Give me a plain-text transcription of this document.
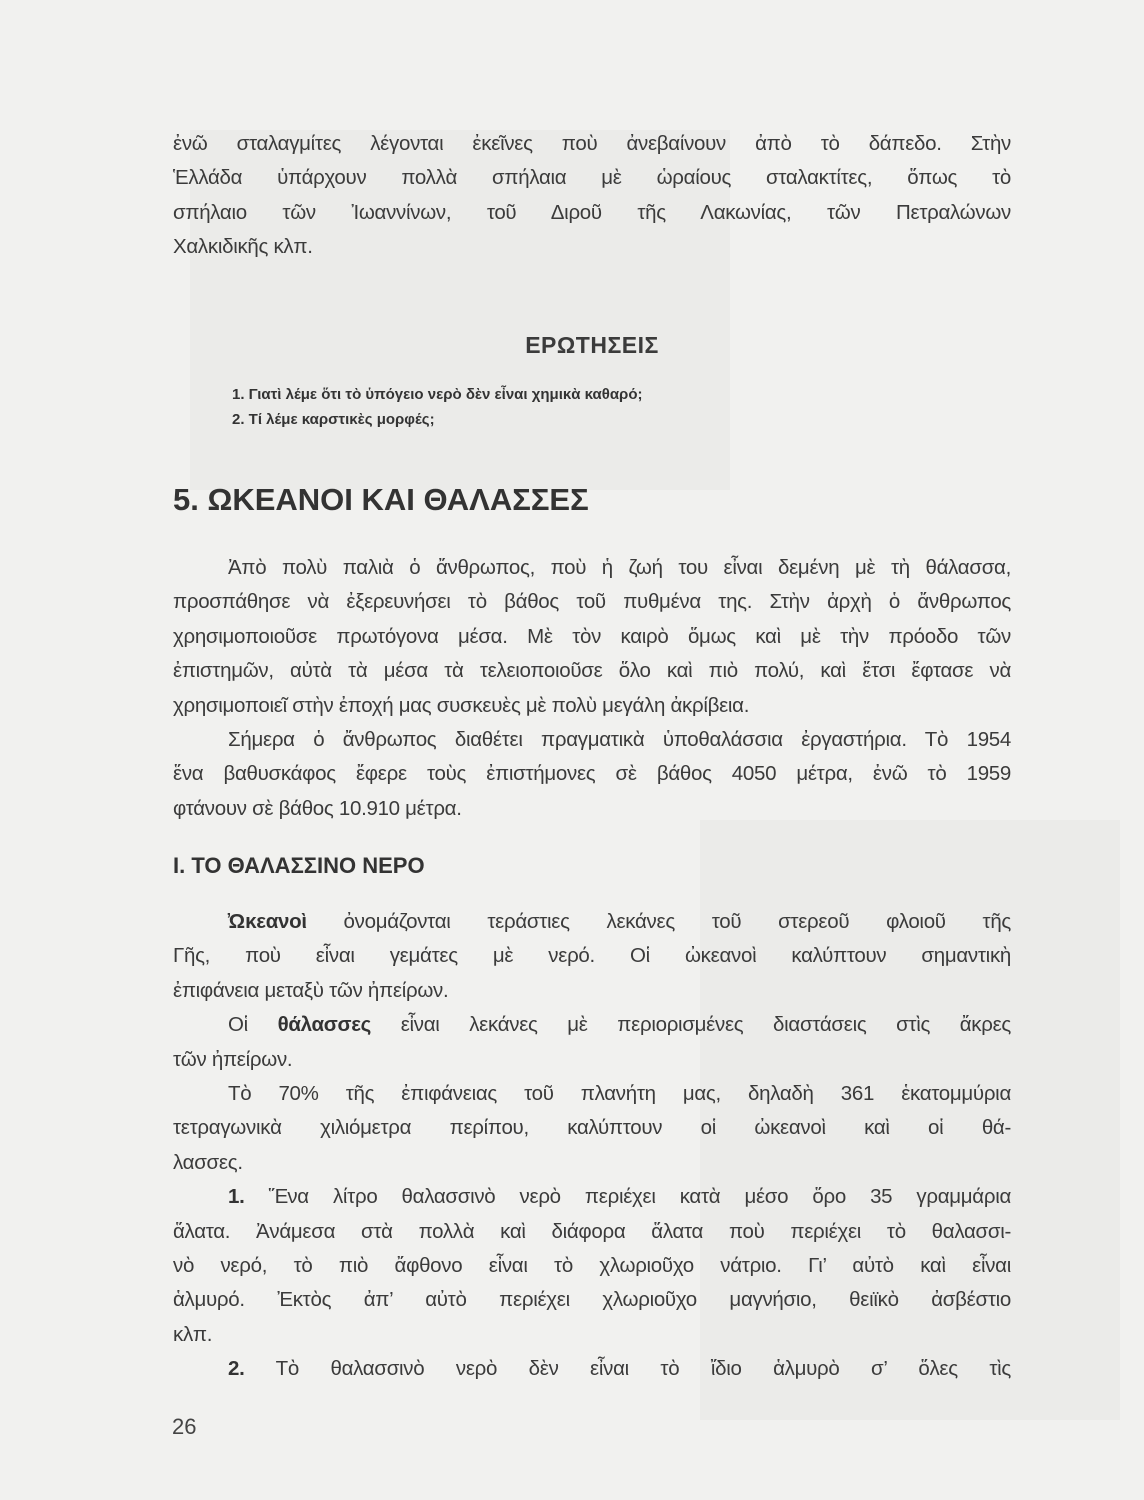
ἐνῶ σταλαγμίτες λέγονται ἐκεῖνες ποὺ ἀνεβαίνουν ἀπὸ τὸ δάπεδο. Στὴν
Ἑλλάδα ὑπάρχουν πολλὰ σπήλαια μὲ ὡραίους σταλακτίτες, ὅπως τὸ
σπήλαιο τῶν Ἰωαννίνων, τοῦ Διροῦ τῆς Λακωνίας, τῶν Πετραλώνων
Χαλκιδικῆς κλπ.
ΕΡΩΤΗΣΕΙΣ
1. Γιατὶ λέμε ὅτι τὸ ὑπόγειο νερὸ δὲν εἶναι χημικὰ καθαρό;
2. Τί λέμε καρστικὲς μορφές;
5. ΩΚΕΑΝΟΙ ΚΑΙ ΘΑΛΑΣΣΕΣ
Ἀπὸ πολὺ παλιὰ ὁ ἄνθρωπος, ποὺ ἡ ζωή του εἶναι δεμένη μὲ τὴ θάλασσα,
προσπάθησε νὰ ἐξερευνήσει τὸ βάθος τοῦ πυθμένα της. Στὴν ἀρχὴ ὁ ἄνθρωπος
χρησιμοποιοῦσε πρωτόγονα μέσα. Μὲ τὸν καιρὸ ὅμως καὶ μὲ τὴν πρόοδο τῶν
ἐπιστημῶν, αὐτὰ τὰ μέσα τὰ τελειοποιοῦσε ὅλο καὶ πιὸ πολύ, καὶ ἔτσι ἔφτασε νὰ
χρησιμοποιεῖ στὴν ἐποχή μας συσκευὲς μὲ πολὺ μεγάλη ἀκρίβεια.
Σήμερα ὁ ἄνθρωπος διαθέτει πραγματικὰ ὑποθαλάσσια ἐργαστήρια. Τὸ 1954
ἕνα βαθυσκάφος ἔφερε τοὺς ἐπιστήμονες σὲ βάθος 4050 μέτρα, ἐνῶ τὸ 1959
φτάνουν σὲ βάθος 10.910 μέτρα.
Ι. ΤΟ ΘΑΛΑΣΣΙΝΟ ΝΕΡΟ
Ὠκεανοὶ ὀνομάζονται τεράστιες λεκάνες τοῦ στερεοῦ φλοιοῦ τῆς
Γῆς, ποὺ εἶναι γεμάτες μὲ νερό. Οἱ ὠκεανοὶ καλύπτουν σημαντικὴ
ἐπιφάνεια μεταξὺ τῶν ἠπείρων.
Οἱ θάλασσες εἶναι λεκάνες μὲ περιορισμένες διαστάσεις στὶς ἄκρες
τῶν ἠπείρων.
Τὸ 70% τῆς ἐπιφάνειας τοῦ πλανήτη μας, δηλαδὴ 361 ἑκατομμύρια
τετραγωνικὰ χιλιόμετρα περίπου, καλύπτουν οἱ ὠκεανοὶ καὶ οἱ θά-
λασσες.
1. Ἕνα λίτρο θαλασσινὸ νερὸ περιέχει κατὰ μέσο ὅρο 35 γραμμάρια
ἅλατα. Ἀνάμεσα στὰ πολλὰ καὶ διάφορα ἅλατα ποὺ περιέχει τὸ θαλασσι-
νὸ νερό, τὸ πιὸ ἄφθονο εἶναι τὸ χλωριοῦχο νάτριο. Γι’ αὐτὸ καὶ εἶναι
ἁλμυρό. Ἐκτὸς ἀπ’ αὐτὸ περιέχει χλωριοῦχο μαγνήσιο, θειϊκὸ ἀσβέστιο
κλπ.
2. Τὸ θαλασσινὸ νερὸ δὲν εἶναι τὸ ἴδιο ἁλμυρὸ σ’ ὅλες τὶς
26
